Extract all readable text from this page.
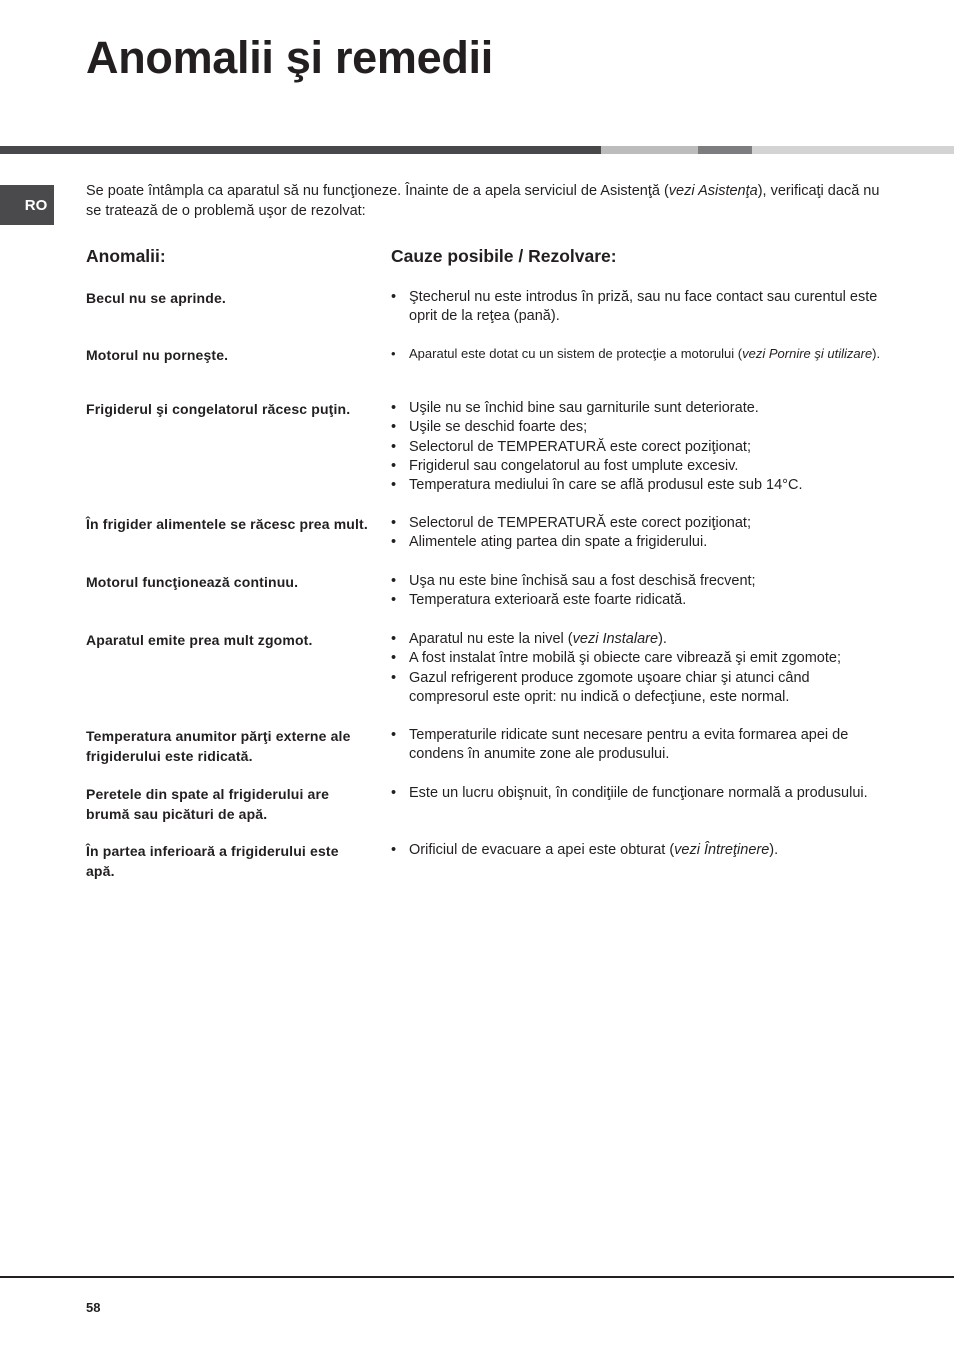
Anomalii şi remedii
RO

Se poate întâmpla ca aparatul să nu funcţioneze. Înainte de a apela serviciul de Asistenţă (vezi Asistenţa), verificaţi dacă nu se tratează de o problemă uşor de rezolvat:

Anomalii:	Cauze posibile / Rezolvare:
Becul nu se aprinde.	• Ştecherul nu este introdus în priză, sau nu face contact sau curentul este oprit de la reţea (pană).
Motorul nu porneşte.	• Aparatul este dotat cu un sistem de protecţie a motorului (vezi Pornire şi utilizare).
Frigiderul şi congelatorul răcesc puţin.	• Uşile nu se închid bine sau garniturile sunt deteriorate.
• Uşile se deschid foarte des;
• Selectorul de TEMPERATURĂ este corect poziţionat;
• Frigiderul sau congelatorul au fost umplute excesiv.
• Temperatura mediului în care se află produsul este sub 14°C.
În frigider alimentele se răcesc prea mult. • Selectorul de TEMPERATURĂ este corect poziţionat;
• Alimentele ating partea din spate a frigiderului.
Motorul funcţionează continuu.	• Uşa nu este bine închisă sau a fost deschisă frecvent;
• Temperatura exterioară este foarte ridicată.
Aparatul emite prea mult zgomot.	• Aparatul nu este la nivel (vezi Instalare).
• A fost instalat între mobilă şi obiecte care vibrează şi emit zgomote;
• Gazul refrigerent produce zgomote uşoare chiar şi atunci când compresorul este oprit: nu indică o defecţiune, este normal.
Temperatura anumitor părţi externe ale frigiderului este ridicată.
• Temperaturile ridicate sunt necesare pentru a evita formarea apei de condens în anumite zone ale produsului.
Peretele din spate al frigiderului are brumă sau picături de apă.
• Este un lucru obişnuit, în condiţiile de funcţionare normală a produsului.
În partea inferioară a frigiderului este apă.
• Orificiul de evacuare a apei este obturat (vezi Întreţinere).
58
